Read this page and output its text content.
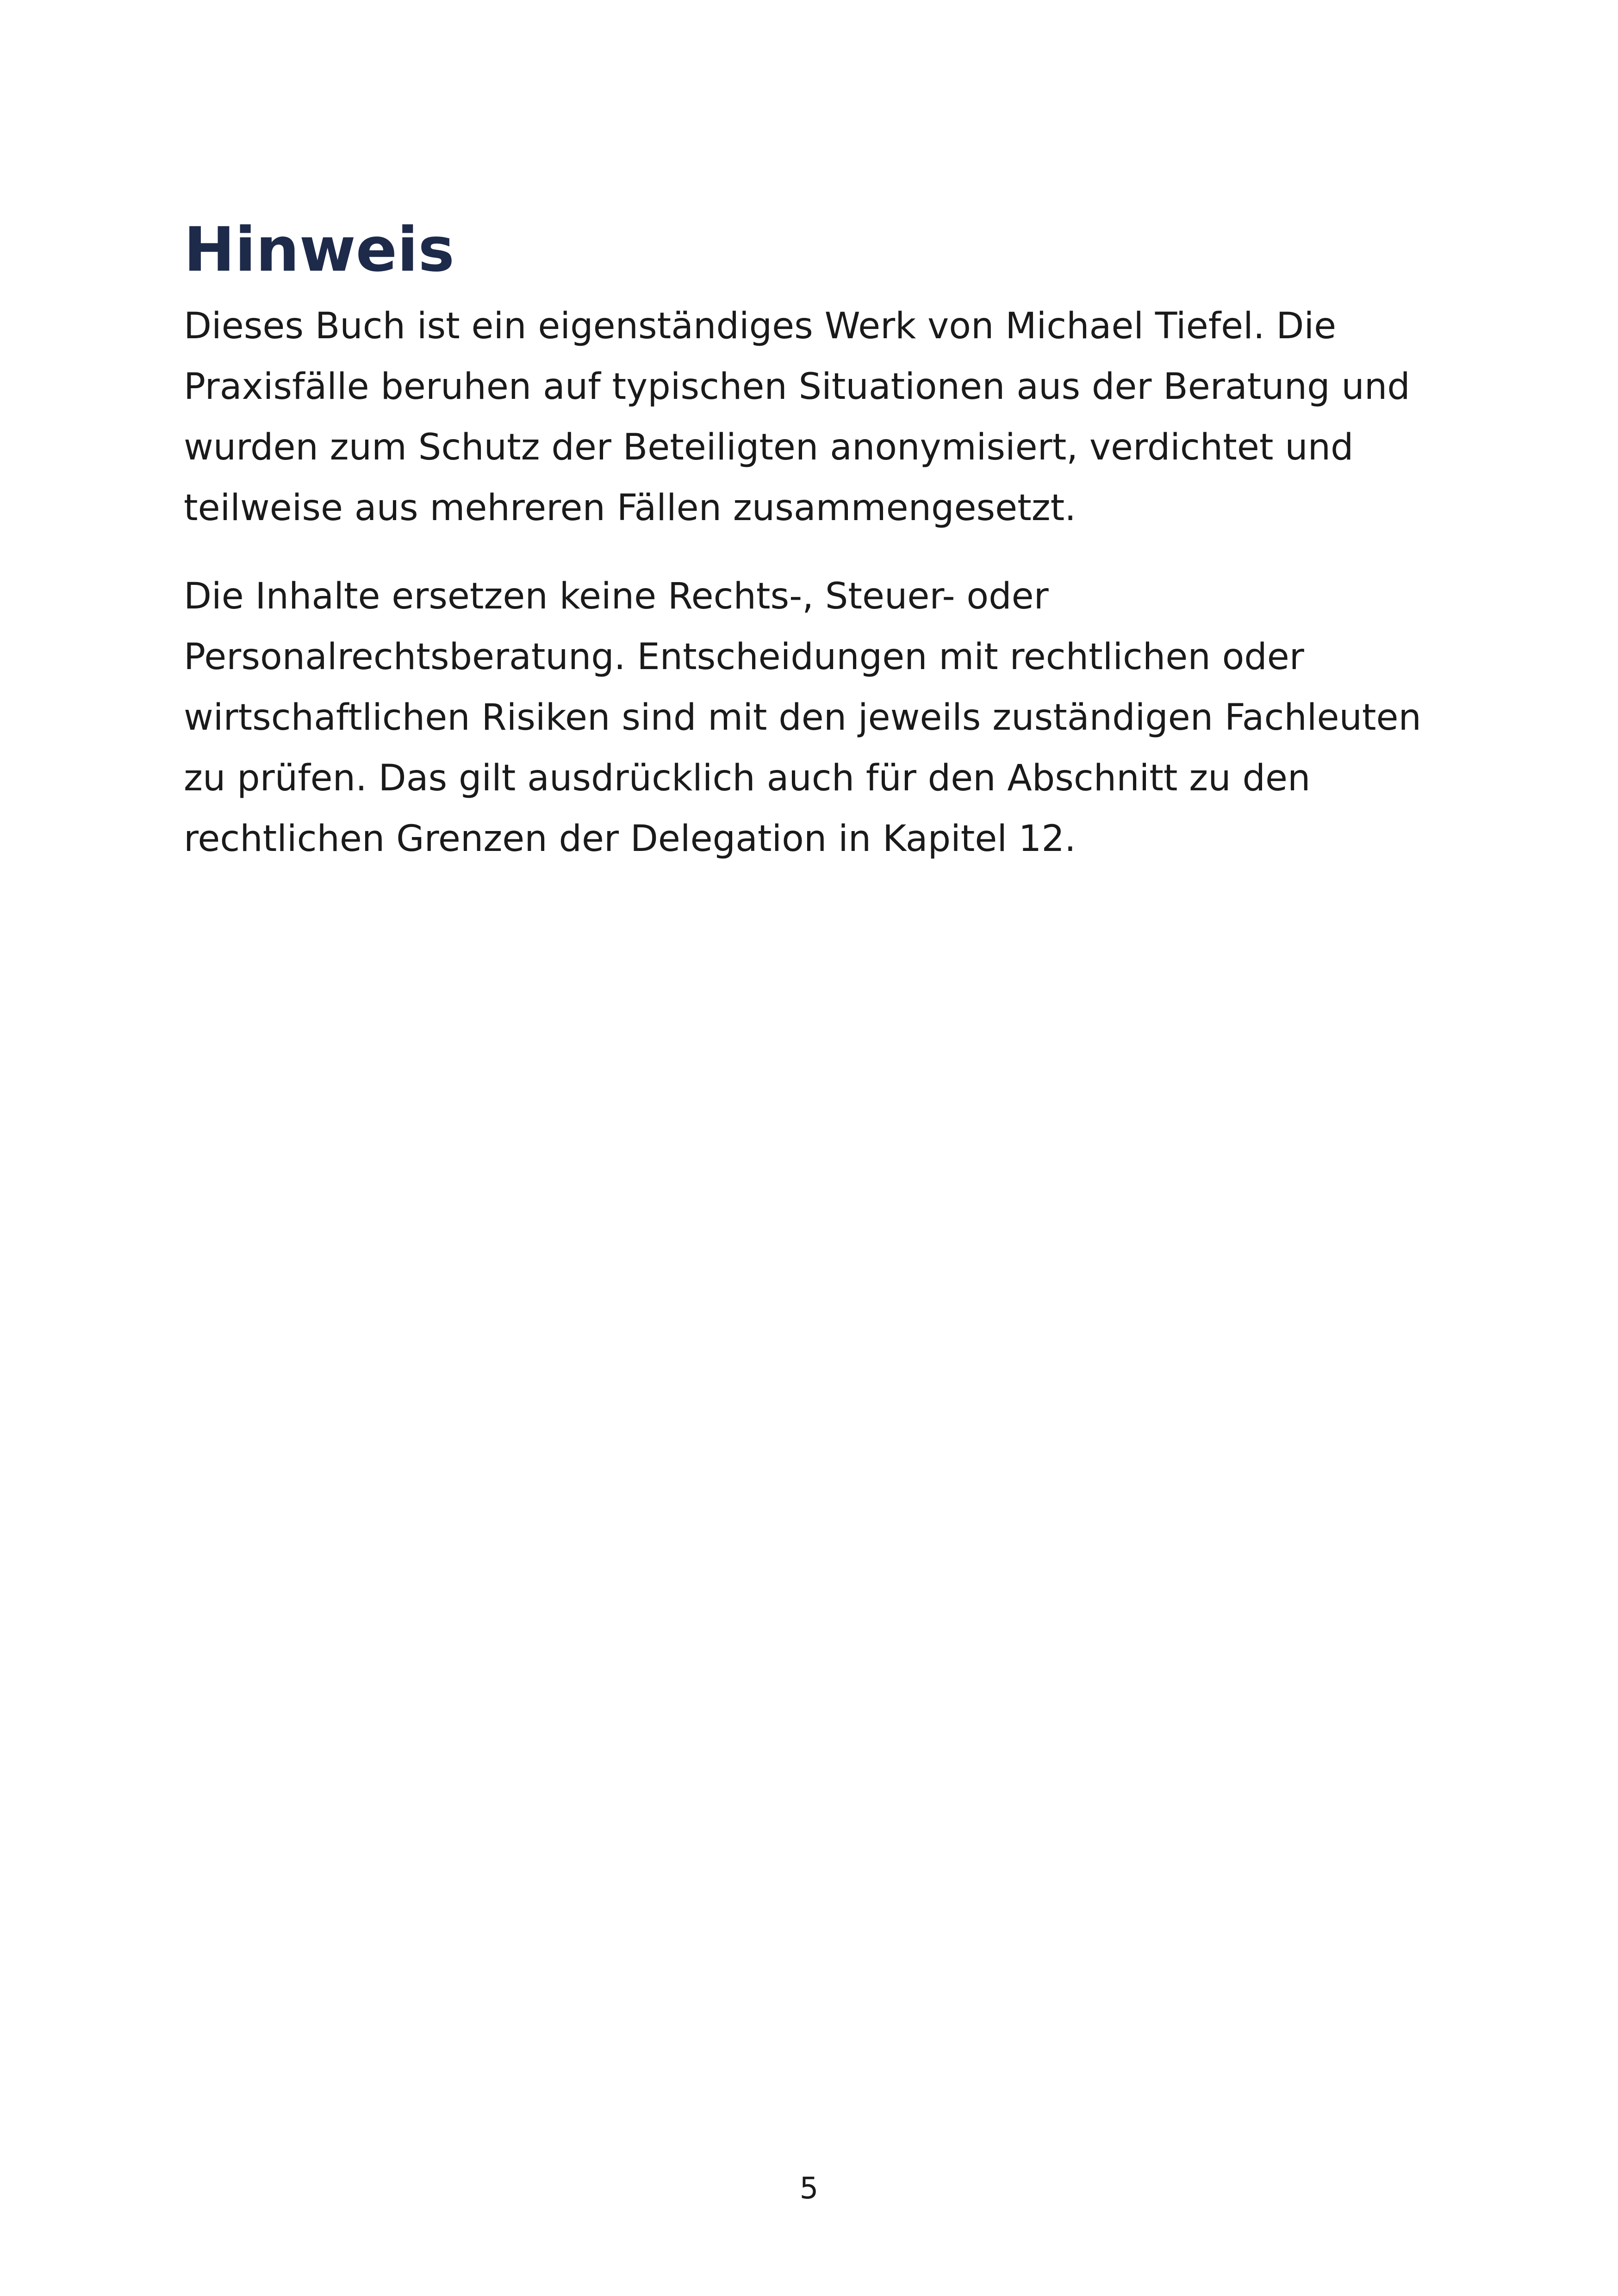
Hinweis

Dieses Buch ist ein eigenständiges Werk von Michael Tiefel. Die
Praxisfälle beruhen auf typischen Situationen aus der Beratung und
wurden zum Schutz der Beteiligten anonymisiert, verdichtet und
teilweise aus mehreren Fällen zusammengesetzt.

Die Inhalte ersetzen keine Rechts-, Steuer- oder
Personalrechtsberatung. Entscheidungen mit rechtlichen oder
wirtschaftlichen Risiken sind mit den jeweils zuständigen Fachleuten
zu prüfen. Das gilt ausdrücklich auch für den Abschnitt zu den
rechtlichen Grenzen der Delegation in Kapitel 12.

5
